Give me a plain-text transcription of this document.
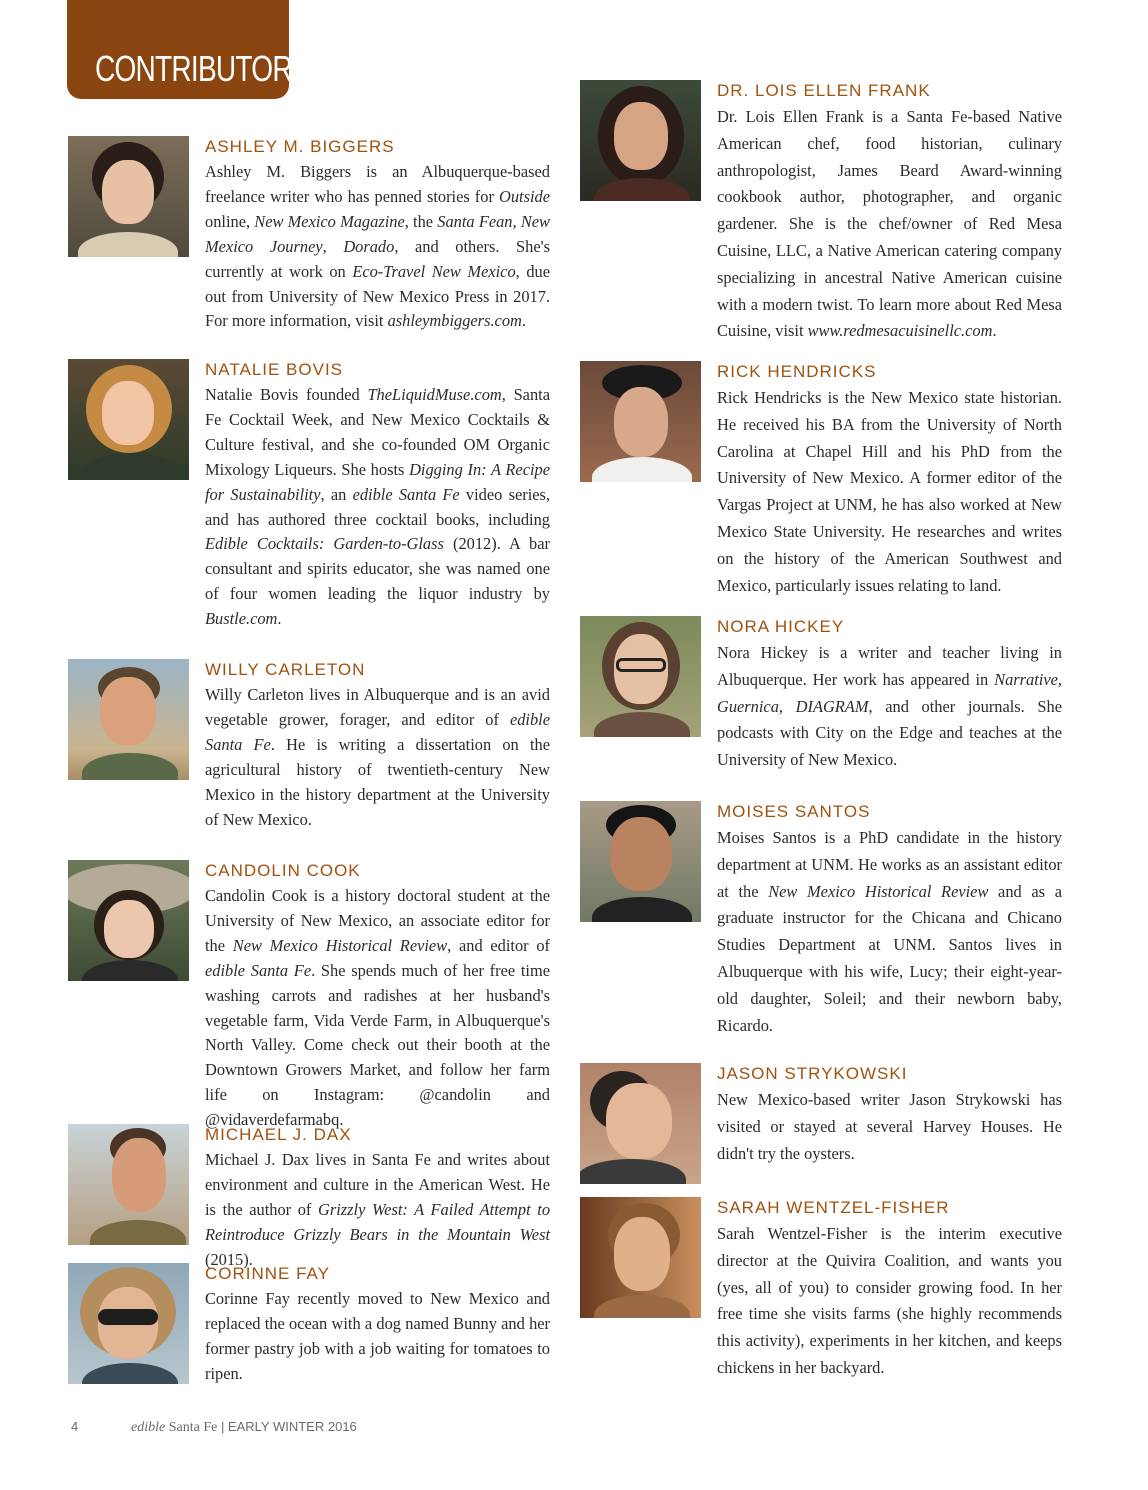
CONTRIBUTORS
ASHLEY M. BIGGERS

Ashley M. Biggers is an Albuquerque-based freelance writer who has penned stories for Outside online, New Mexico Magazine, the Santa Fean, New Mexico Journey, Dorado, and others. She's currently at work on Eco-Travel New Mexico, due out from University of New Mexico Press in 2017. For more information, visit ashleymbiggers.com.

NATALIE BOVIS

Natalie Bovis founded TheLiquidMuse.com, Santa Fe Cocktail Week, and New Mexico Cocktails & Culture festival, and she co-founded OM Organic Mixology Liqueurs. She hosts Digging In: A Recipe for Sustainability, an edible Santa Fe video series, and has authored three cocktail books, including Edible Cocktails: Garden-to-Glass (2012). A bar consultant and spirits educator, she was named one of four women leading the liquor industry by Bustle.com.

WILLY CARLETON

Willy Carleton lives in Albuquerque and is an avid vegetable grower, forager, and editor of edible Santa Fe. He is writing a dissertation on the agricultural history of twentieth-century New Mexico in the history department at the University of New Mexico.

CANDOLIN COOK

Candolin Cook is a history doctoral student at the University of New Mexico, an associate editor for the New Mexico Historical Review, and editor of edible Santa Fe. She spends much of her free time washing carrots and radishes at her husband's vegetable farm, Vida Verde Farm, in Albuquerque's North Valley. Come check out their booth at the Downtown Growers Market, and follow her farm life on Instagram: @candolin and @vidaverdefarmabq.

MICHAEL J. DAX

Michael J. Dax lives in Santa Fe and writes about environment and culture in the American West. He is the author of Grizzly West: A Failed Attempt to Reintroduce Grizzly Bears in the Mountain West (2015).

CORINNE FAY

Corinne Fay recently moved to New Mexico and replaced the ocean with a dog named Bunny and her former pastry job with a job waiting for tomatoes to ripen.

DR. LOIS ELLEN FRANK

Dr. Lois Ellen Frank is a Santa Fe-based Native American chef, food historian, culinary anthropologist, James Beard Award-winning cookbook author, photographer, and organic gardener. She is the chef/owner of Red Mesa Cuisine, LLC, a Native American catering company specializing in ancestral Native American cuisine with a modern twist. To learn more about Red Mesa Cuisine, visit www.redmesacuisinellc.com.

RICK HENDRICKS

Rick Hendricks is the New Mexico state historian. He received his BA from the University of North Carolina at Chapel Hill and his PhD from the University of New Mexico. A former editor of the Vargas Project at UNM, he has also worked at New Mexico State University. He researches and writes on the history of the American Southwest and Mexico, particularly issues relating to land.

NORA HICKEY

Nora Hickey is a writer and teacher living in Albuquerque. Her work has appeared in Narrative, Guernica, DIAGRAM, and other journals. She podcasts with City on the Edge and teaches at the University of New Mexico.

MOISES SANTOS

Moises Santos is a PhD candidate in the history department at UNM. He works as an assistant editor at the New Mexico Historical Review and as a graduate instructor for the Chicana and Chicano Studies Department at UNM. Santos lives in Albuquerque with his wife, Lucy; their eight-year-old daughter, Soleil; and their newborn baby, Ricardo.

JASON STRYKOWSKI

New Mexico-based writer Jason Strykowski has visited or stayed at several Harvey Houses. He didn't try the oysters.

SARAH WENTZEL-FISHER

Sarah Wentzel-Fisher is the interim executive director at the Quivira Coalition, and wants you (yes, all of you) to consider growing food. In her free time she visits farms (she highly recommends this activity), experiments in her kitchen, and keeps chickens in her backyard.

4	edible Santa Fe | EARLY WINTER 2016
